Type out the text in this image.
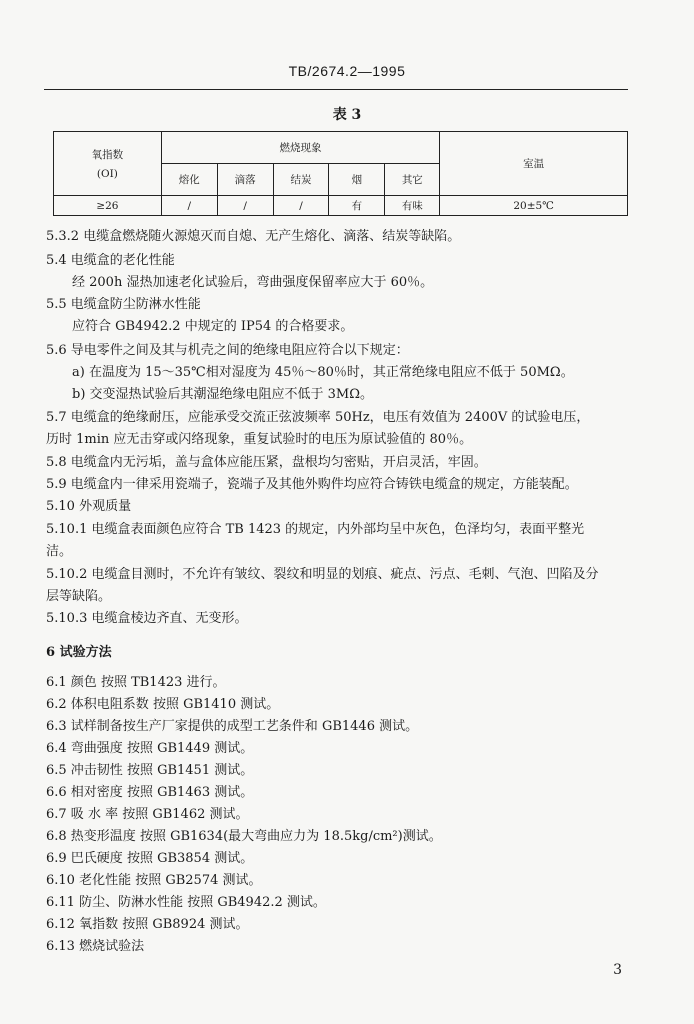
TB/2674.2—1995
表 3
氧指数
(OI)	燃烧现象					室温
	熔化	滴落	结炭	烟	其它	
≥26	/	/	/	有	有味	20±5℃
5.3.2 电缆盒燃烧随火源熄灭而自熄、无产生熔化、滴落、结炭等缺陷。
5.4 电缆盒的老化性能
经 200h 湿热加速老化试验后，弯曲强度保留率应大于 60％。
5.5 电缆盒防尘防淋水性能
应符合 GB4942.2 中规定的 IP54 的合格要求。
5.6 导电零件之间及其与机壳之间的绝缘电阻应符合以下规定：
a) 在温度为 15～35℃相对湿度为 45％～80％时，其正常绝缘电阻应不低于 50MΩ。
b) 交变湿热试验后其潮湿绝缘电阻应不低于 3MΩ。
5.7 电缆盒的绝缘耐压，应能承受交流正弦波频率 50Hz，电压有效值为 2400V 的试验电压，
历时 1min 应无击穿或闪络现象，重复试验时的电压为原试验值的 80％。
5.8 电缆盒内无污垢，盖与盒体应能压紧，盘根均匀密贴，开启灵活，牢固。
5.9 电缆盒内一律采用瓷端子，瓷端子及其他外购件均应符合铸铁电缆盒的规定，方能装配。
5.10 外观质量
5.10.1 电缆盒表面颜色应符合 TB 1423 的规定，内外部均呈中灰色，色泽均匀，表面平整光
洁。
5.10.2 电缆盒目测时，不允许有皱纹、裂纹和明显的划痕、疵点、污点、毛刺、气泡、凹陷及分
层等缺陷。
5.10.3 电缆盒棱边齐直、无变形。
6 试验方法
6.1 颜色 按照 TB1423 进行。
6.2 体积电阻系数 按照 GB1410 测试。
6.3 试样制备按生产厂家提供的成型工艺条件和 GB1446 测试。
6.4 弯曲强度 按照 GB1449 测试。
6.5 冲击韧性 按照 GB1451 测试。
6.6 相对密度 按照 GB1463 测试。
6.7 吸 水 率 按照 GB1462 测试。
6.8 热变形温度 按照 GB1634(最大弯曲应力为 18.5kg/cm²)测试。
6.9 巴氏硬度 按照 GB3854 测试。
6.10 老化性能 按照 GB2574 测试。
6.11 防尘、防淋水性能 按照 GB4942.2 测试。
6.12 氧指数 按照 GB8924 测试。
6.13 燃烧试验法
3
